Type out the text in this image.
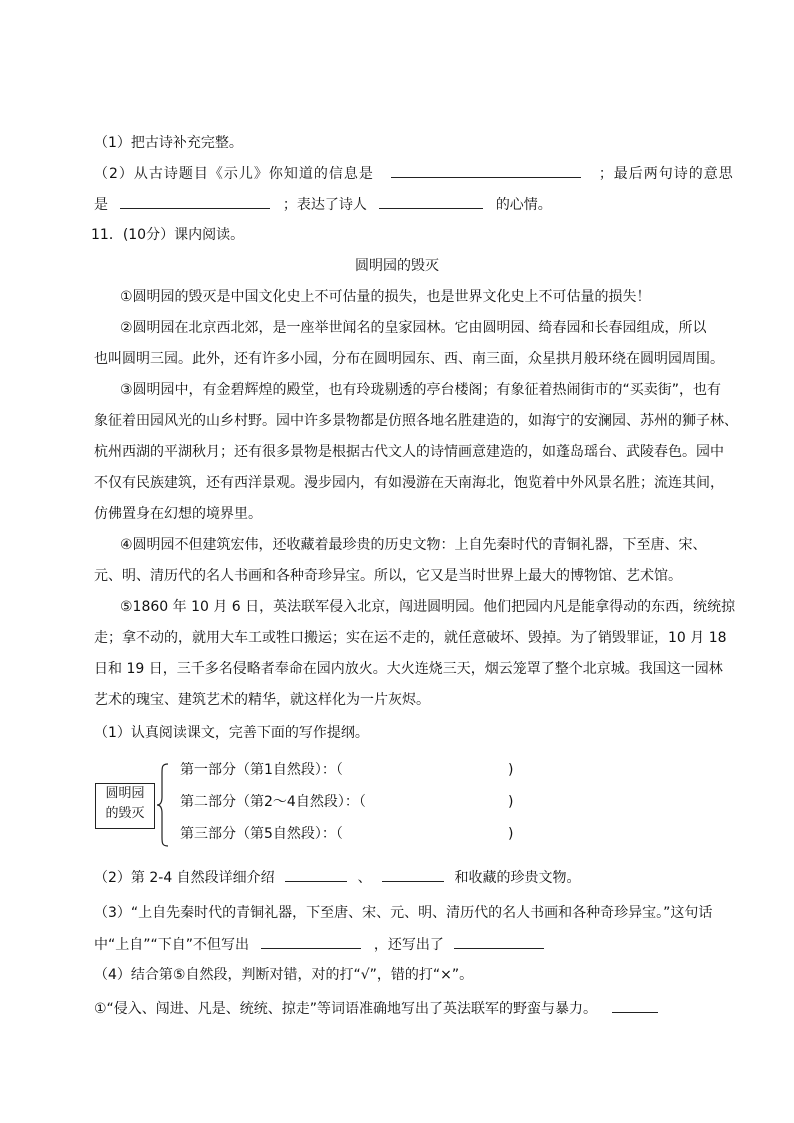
（1）把古诗补充完整。
（2）从古诗题目《示儿》你知道的信息是	；最后两句诗的意思
是	；表达了诗人	的心情。
11．(10分）课内阅读。
圆明园的毁灭
①圆明园的毁灭是中国文化史上不可估量的损失，也是世界文化史上不可估量的损失！
②圆明园在北京西北郊，是一座举世闻名的皇家园林。它由圆明园、绮春园和长春园组成，所以
也叫圆明三园。此外，还有许多小园，分布在圆明园东、西、南三面，众星拱月般环绕在圆明园周围。
③圆明园中，有金碧辉煌的殿堂，也有玲珑剔透的亭台楼阁；有象征着热闹街市的“买卖街”，也有
象征着田园风光的山乡村野。园中许多景物都是仿照各地名胜建造的，如海宁的安澜园、苏州的狮子林、
杭州西湖的平湖秋月；还有很多景物是根据古代文人的诗情画意建造的，如蓬岛瑶台、武陵春色。园中
不仅有民族建筑，还有西洋景观。漫步园内，有如漫游在天南海北，饱览着中外风景名胜；流连其间，
仿佛置身在幻想的境界里。
④圆明园不但建筑宏伟，还收藏着最珍贵的历史文物：上自先秦时代的青铜礼器，下至唐、宋、
元、明、清历代的名人书画和各种奇珍异宝。所以，它又是当时世界上最大的博物馆、艺术馆。
⑤1860 年 10 月 6 日，英法联军侵入北京，闯进圆明园。他们把园内凡是能拿得动的东西，统统掠
走；拿不动的，就用大车工或牲口搬运；实在运不走的，就任意破坏、毁掉。为了销毁罪证，10 月 18
日和 19 日，三千多名侵略者奉命在园内放火。大火连烧三天，烟云笼罩了整个北京城。我国这一园林
艺术的瑰宝、建筑艺术的精华，就这样化为一片灰烬。
（1）认真阅读课文，完善下面的写作提纲。
圆明园
的毁灭
第一部分（第1自然段）：（	)
第二部分（第2～4自然段）：（	)
第三部分（第5自然段）：（	)
（2）第 2-4 自然段详细介绍	、	和收藏的珍贵文物。
（3）“上自先秦时代的青铜礼器，下至唐、宋、元、明、清历代的名人书画和各种奇珍异宝。”这句话
中“上自”“下自”不但写出	，还写出了
（4）结合第⑤自然段，判断对错，对的打“√”，错的打“×”。
①“侵入、闯进、凡是、统统、掠走”等词语准确地写出了英法联军的野蛮与暴力。
